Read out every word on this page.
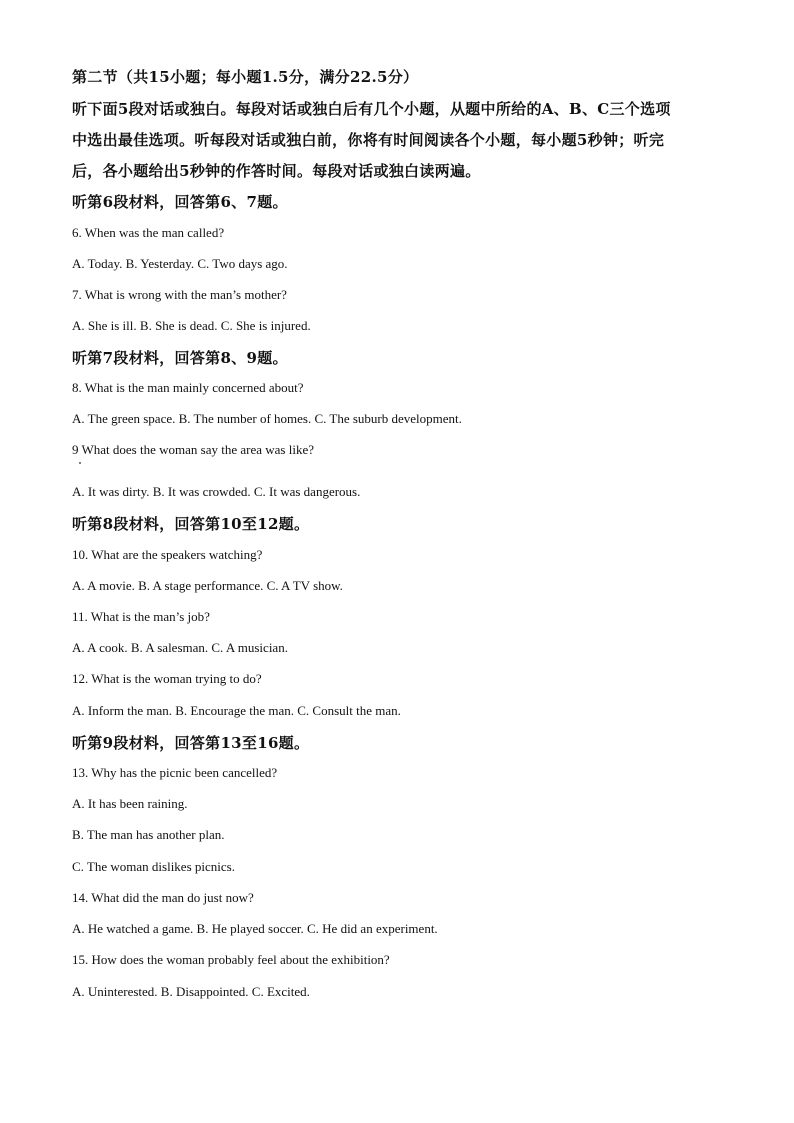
第二节（共15小题；每小题1.5分，满分22.5分）
听下面5段对话或独白。每段对话或独白后有几个小题，从题中所给的A、B、C三个选项
中选出最佳选项。听每段对话或独白前，你将有时间阅读各个小题，每小题5秒钟；听完
后，各小题给出5秒钟的作答时间。每段对话或独白读两遍。
听第6段材料，回答第6、7题。
6. When was the man called?
A. Today. B. Yesterday. C. Two days ago.
7. What is wrong with the man’s mother?
A. She is ill. B. She is dead. C. She is injured.
听第7段材料，回答第8、9题。
8. What is the man mainly concerned about?
A. The green space. B. The number of homes. C. The suburb development.
9 What does the woman say the area was like?
A. It was dirty. B. It was crowded. C. It was dangerous.
听第8段材料，回答第10至12题。
10. What are the speakers watching?
A. A movie. B. A stage performance. C. A TV show.
11. What is the man’s job?
A. A cook. B. A salesman. C. A musician.
12. What is the woman trying to do?
A. Inform the man. B. Encourage the man. C. Consult the man.
听第9段材料，回答第13至16题。
13. Why has the picnic been cancelled?
A. It has been raining.
B. The man has another plan.
C. The woman dislikes picnics.
14. What did the man do just now?
A. He watched a game. B. He played soccer. C. He did an experiment.
15. How does the woman probably feel about the exhibition?
A. Uninterested. B. Disappointed. C. Excited.
